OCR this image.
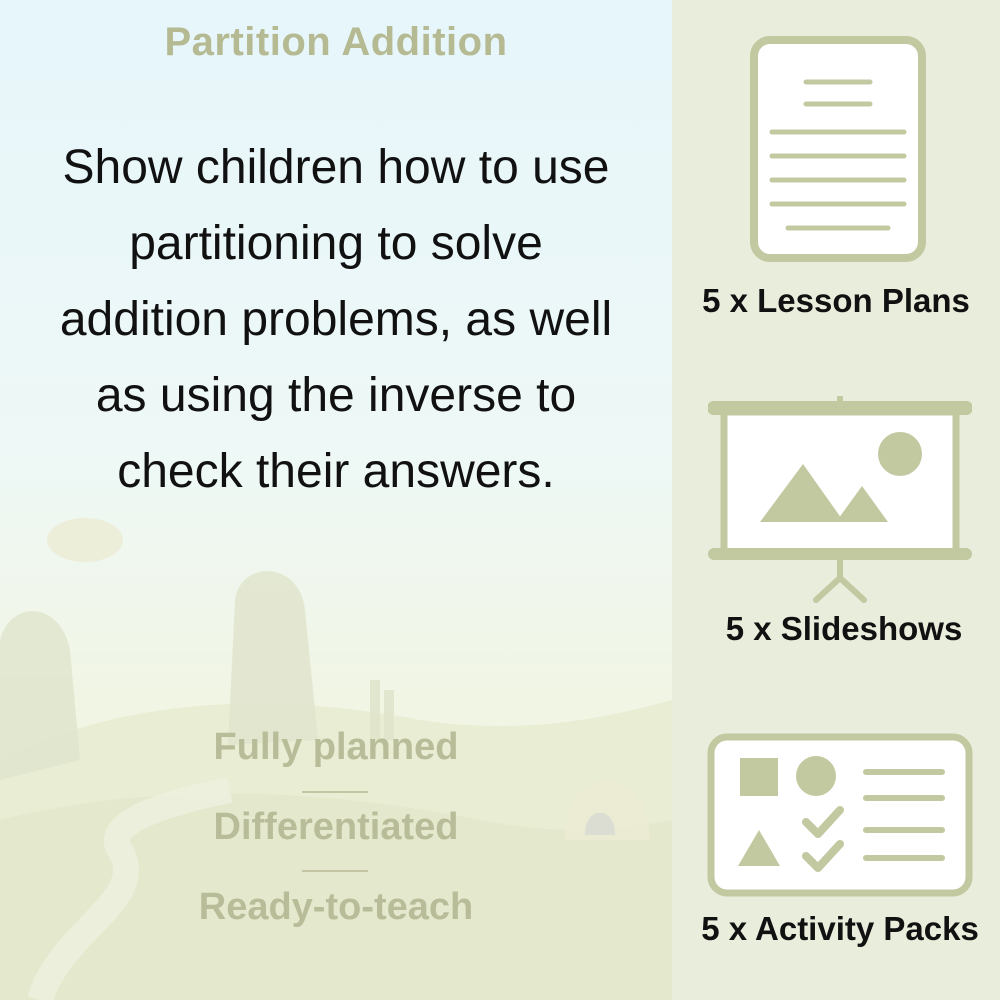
Partition Addition
Show children how to use partitioning to solve addition problems, as well as using the inverse to check their answers.
Fully planned
Differentiated
Ready-to-teach
5 x Lesson Plans
5 x Slideshows
5 x Activity Packs
